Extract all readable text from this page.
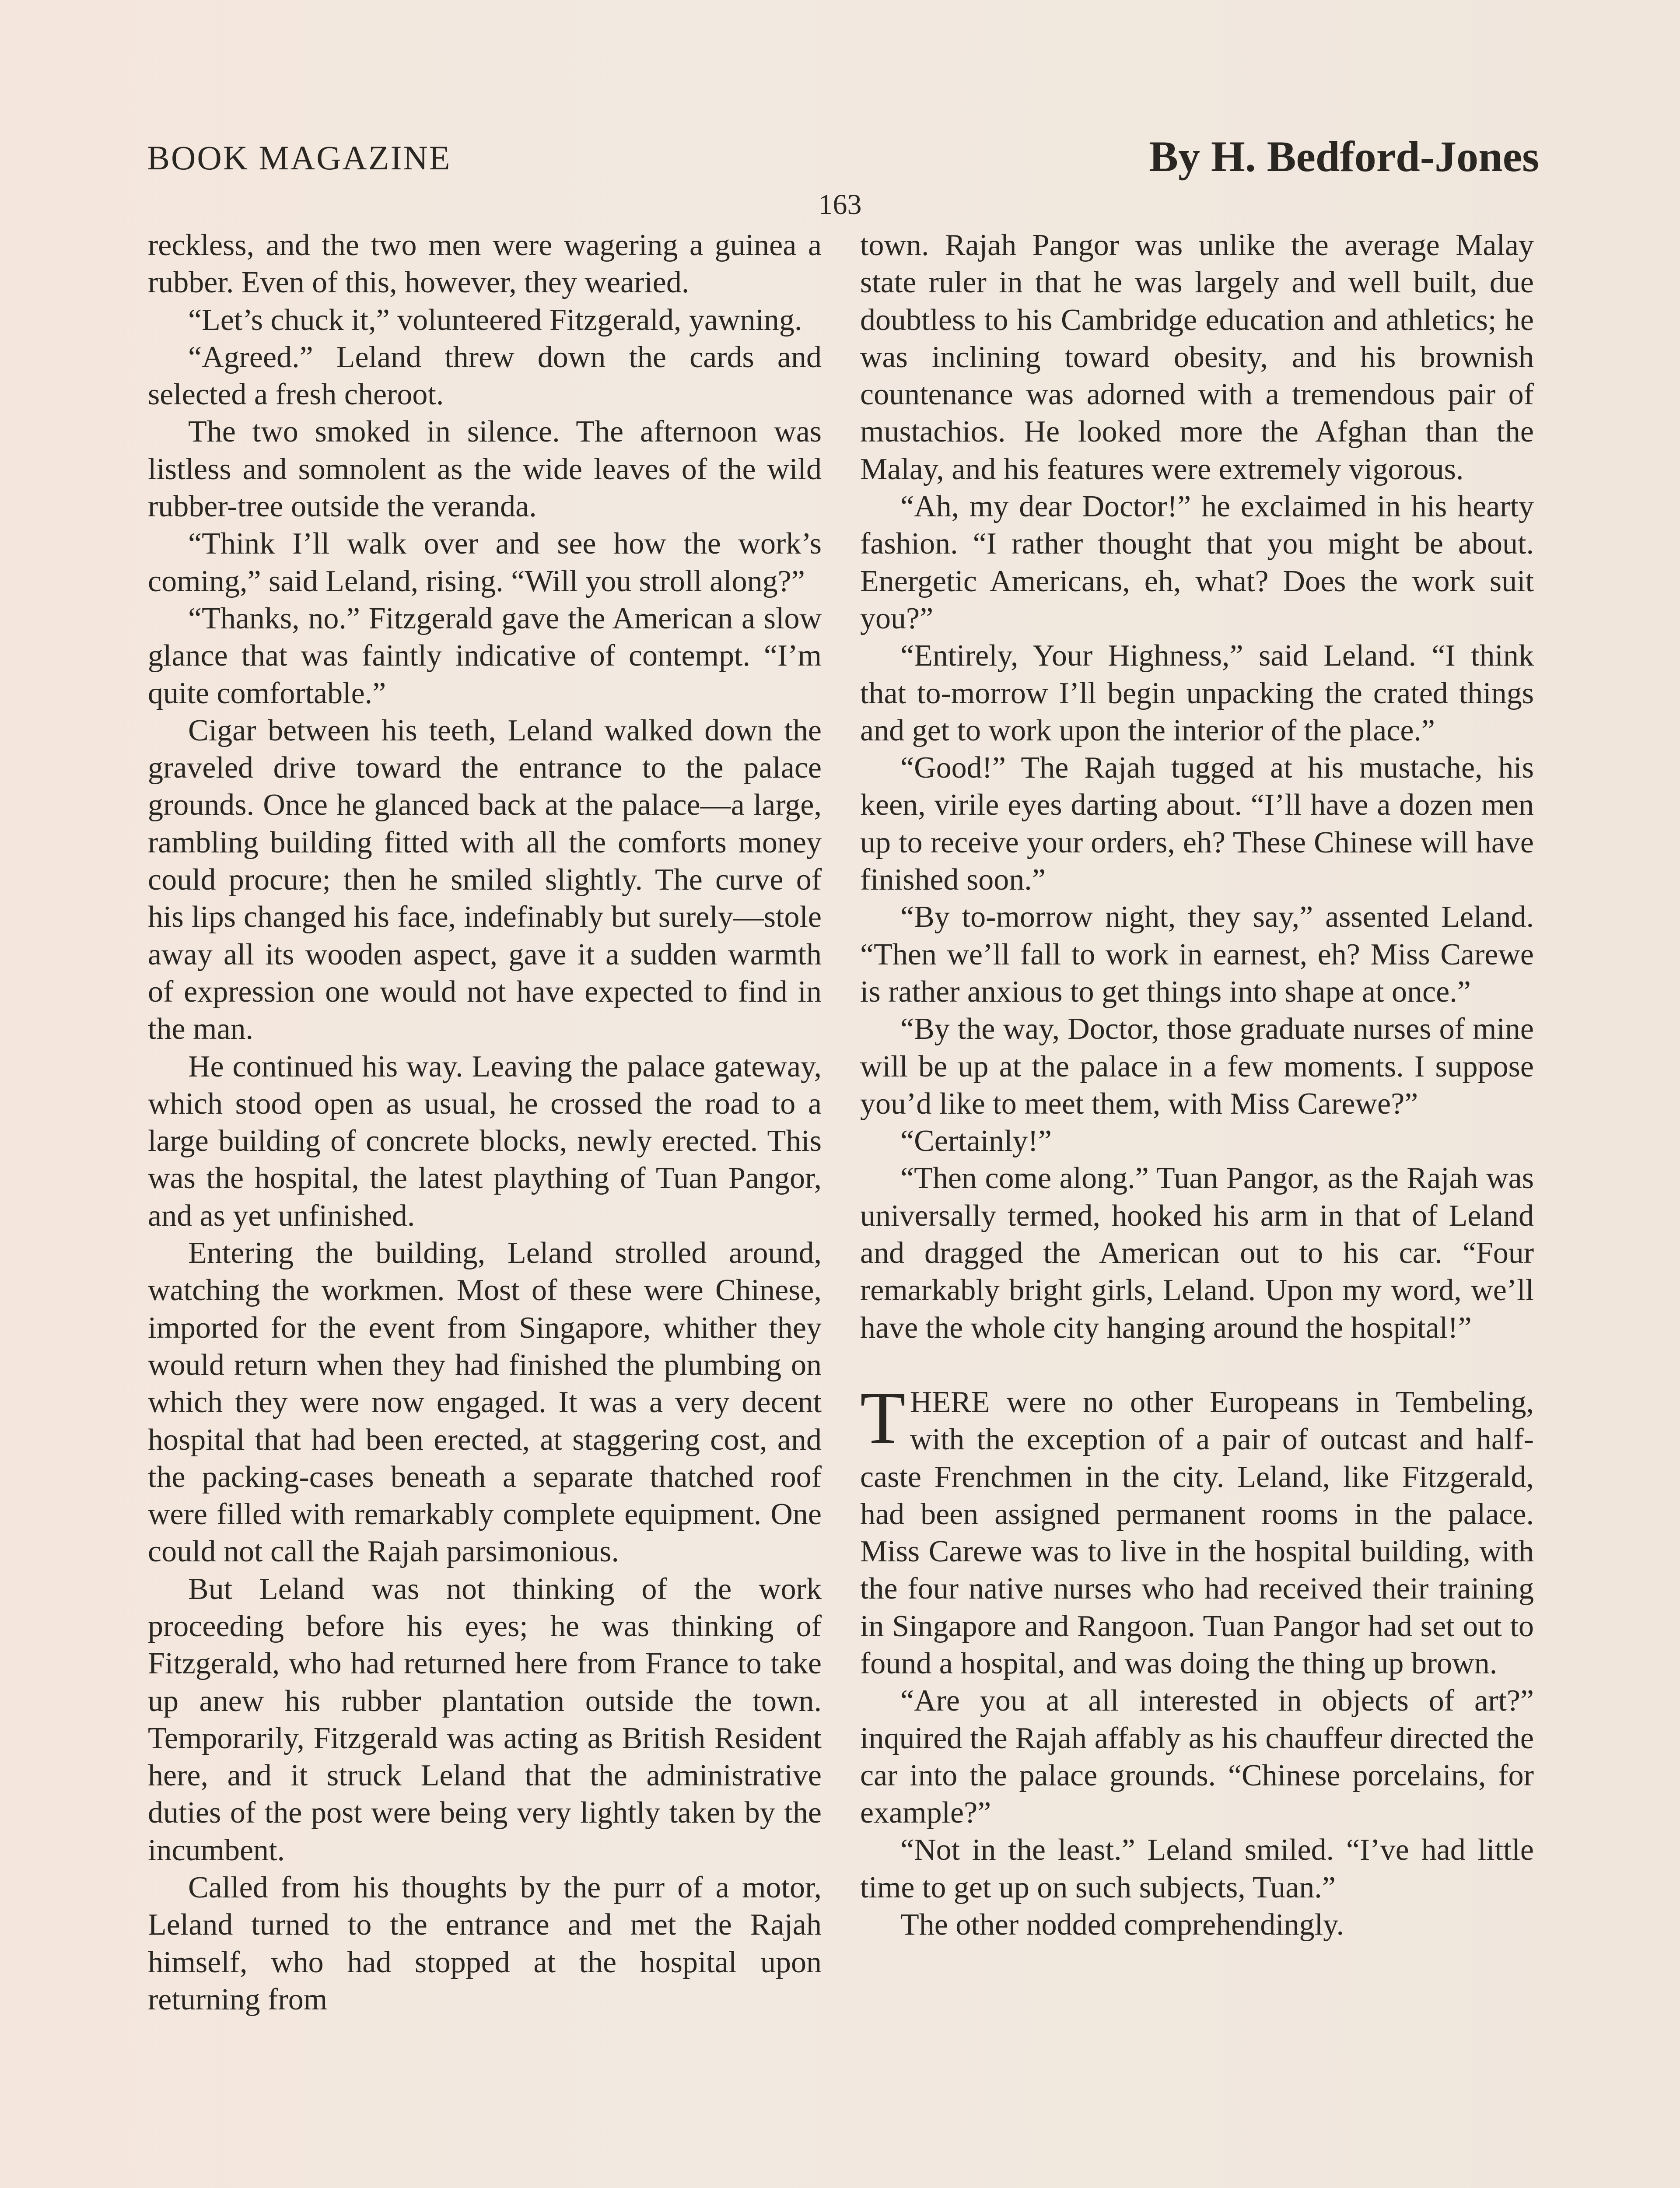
BOOK MAGAZINE	By H. Bedford-Jones
163

reckless, and the two men were wagering a guinea a rubber. Even of this, however, they wearied.

“Let’s chuck it,” volunteered Fitzgerald, yawning.

“Agreed.” Leland threw down the cards and selected a fresh cheroot.

The two smoked in silence. The afternoon was listless and somnolent as the wide leaves of the wild rubber-tree outside the veranda.

“Think I’ll walk over and see how the work’s coming,” said Leland, rising. “Will you stroll along?”

“Thanks, no.” Fitzgerald gave the American a slow glance that was faintly indicative of contempt. “I’m quite comfortable.”

Cigar between his teeth, Leland walked down the graveled drive toward the entrance to the palace grounds. Once he glanced back at the palace—a large, rambling building fitted with all the comforts money could procure; then he smiled slightly. The curve of his lips changed his face, indefinably but surely—stole away all its wooden aspect, gave it a sudden warmth of expression one would not have expected to find in the man.

He continued his way. Leaving the palace gateway, which stood open as usual, he crossed the road to a large building of concrete blocks, newly erected. This was the hospital, the latest plaything of Tuan Pangor, and as yet unfinished.

Entering the building, Leland strolled around, watching the workmen. Most of these were Chinese, imported for the event from Singapore, whither they would return when they had finished the plumbing on which they were now engaged. It was a very decent hospital that had been erected, at staggering cost, and the packing-cases beneath a separate thatched roof were filled with remarkably complete equipment. One could not call the Rajah parsimonious.

But Leland was not thinking of the work proceeding before his eyes; he was thinking of Fitzgerald, who had returned here from France to take up anew his rubber plantation outside the town. Temporarily, Fitzgerald was acting as British Resident here, and it struck Leland that the administrative duties of the post were being very lightly taken by the incumbent.

Called from his thoughts by the purr of a motor, Leland turned to the entrance and met the Rajah himself, who had stopped at the hospital upon returning from

town. Rajah Pangor was unlike the average Malay state ruler in that he was largely and well built, due doubtless to his Cambridge education and athletics; he was inclining toward obesity, and his brownish countenance was adorned with a tremendous pair of mustachios. He looked more the Afghan than the Malay, and his features were extremely vigorous.

“Ah, my dear Doctor!” he exclaimed in his hearty fashion. “I rather thought that you might be about. Energetic Americans, eh, what? Does the work suit you?”

“Entirely, Your Highness,” said Leland. “I think that to-morrow I’ll begin unpacking the crated things and get to work upon the interior of the place.”

“Good!” The Rajah tugged at his mustache, his keen, virile eyes darting about. “I’ll have a dozen men up to receive your orders, eh? These Chinese will have finished soon.”

“By to-morrow night, they say,” assented Leland. “Then we’ll fall to work in earnest, eh? Miss Carewe is rather anxious to get things into shape at once.”

“By the way, Doctor, those graduate nurses of mine will be up at the palace in a few moments. I suppose you’d like to meet them, with Miss Carewe?”

“Certainly!”

“Then come along.” Tuan Pangor, as the Rajah was universally termed, hooked his arm in that of Leland and dragged the American out to his car. “Four remarkably bright girls, Leland. Upon my word, we’ll have the whole city hanging around the hospital!”

THERE were no other Europeans in Tembeling, with the exception of a pair of outcast and half-caste Frenchmen in the city. Leland, like Fitzgerald, had been assigned permanent rooms in the palace. Miss Carewe was to live in the hospital building, with the four native nurses who had received their training in Singapore and Rangoon. Tuan Pangor had set out to found a hospital, and was doing the thing up brown.

“Are you at all interested in objects of art?” inquired the Rajah affably as his chauffeur directed the car into the palace grounds. “Chinese porcelains, for example?”

“Not in the least.” Leland smiled. “I’ve had little time to get up on such subjects, Tuan.”

The other nodded comprehendingly.
